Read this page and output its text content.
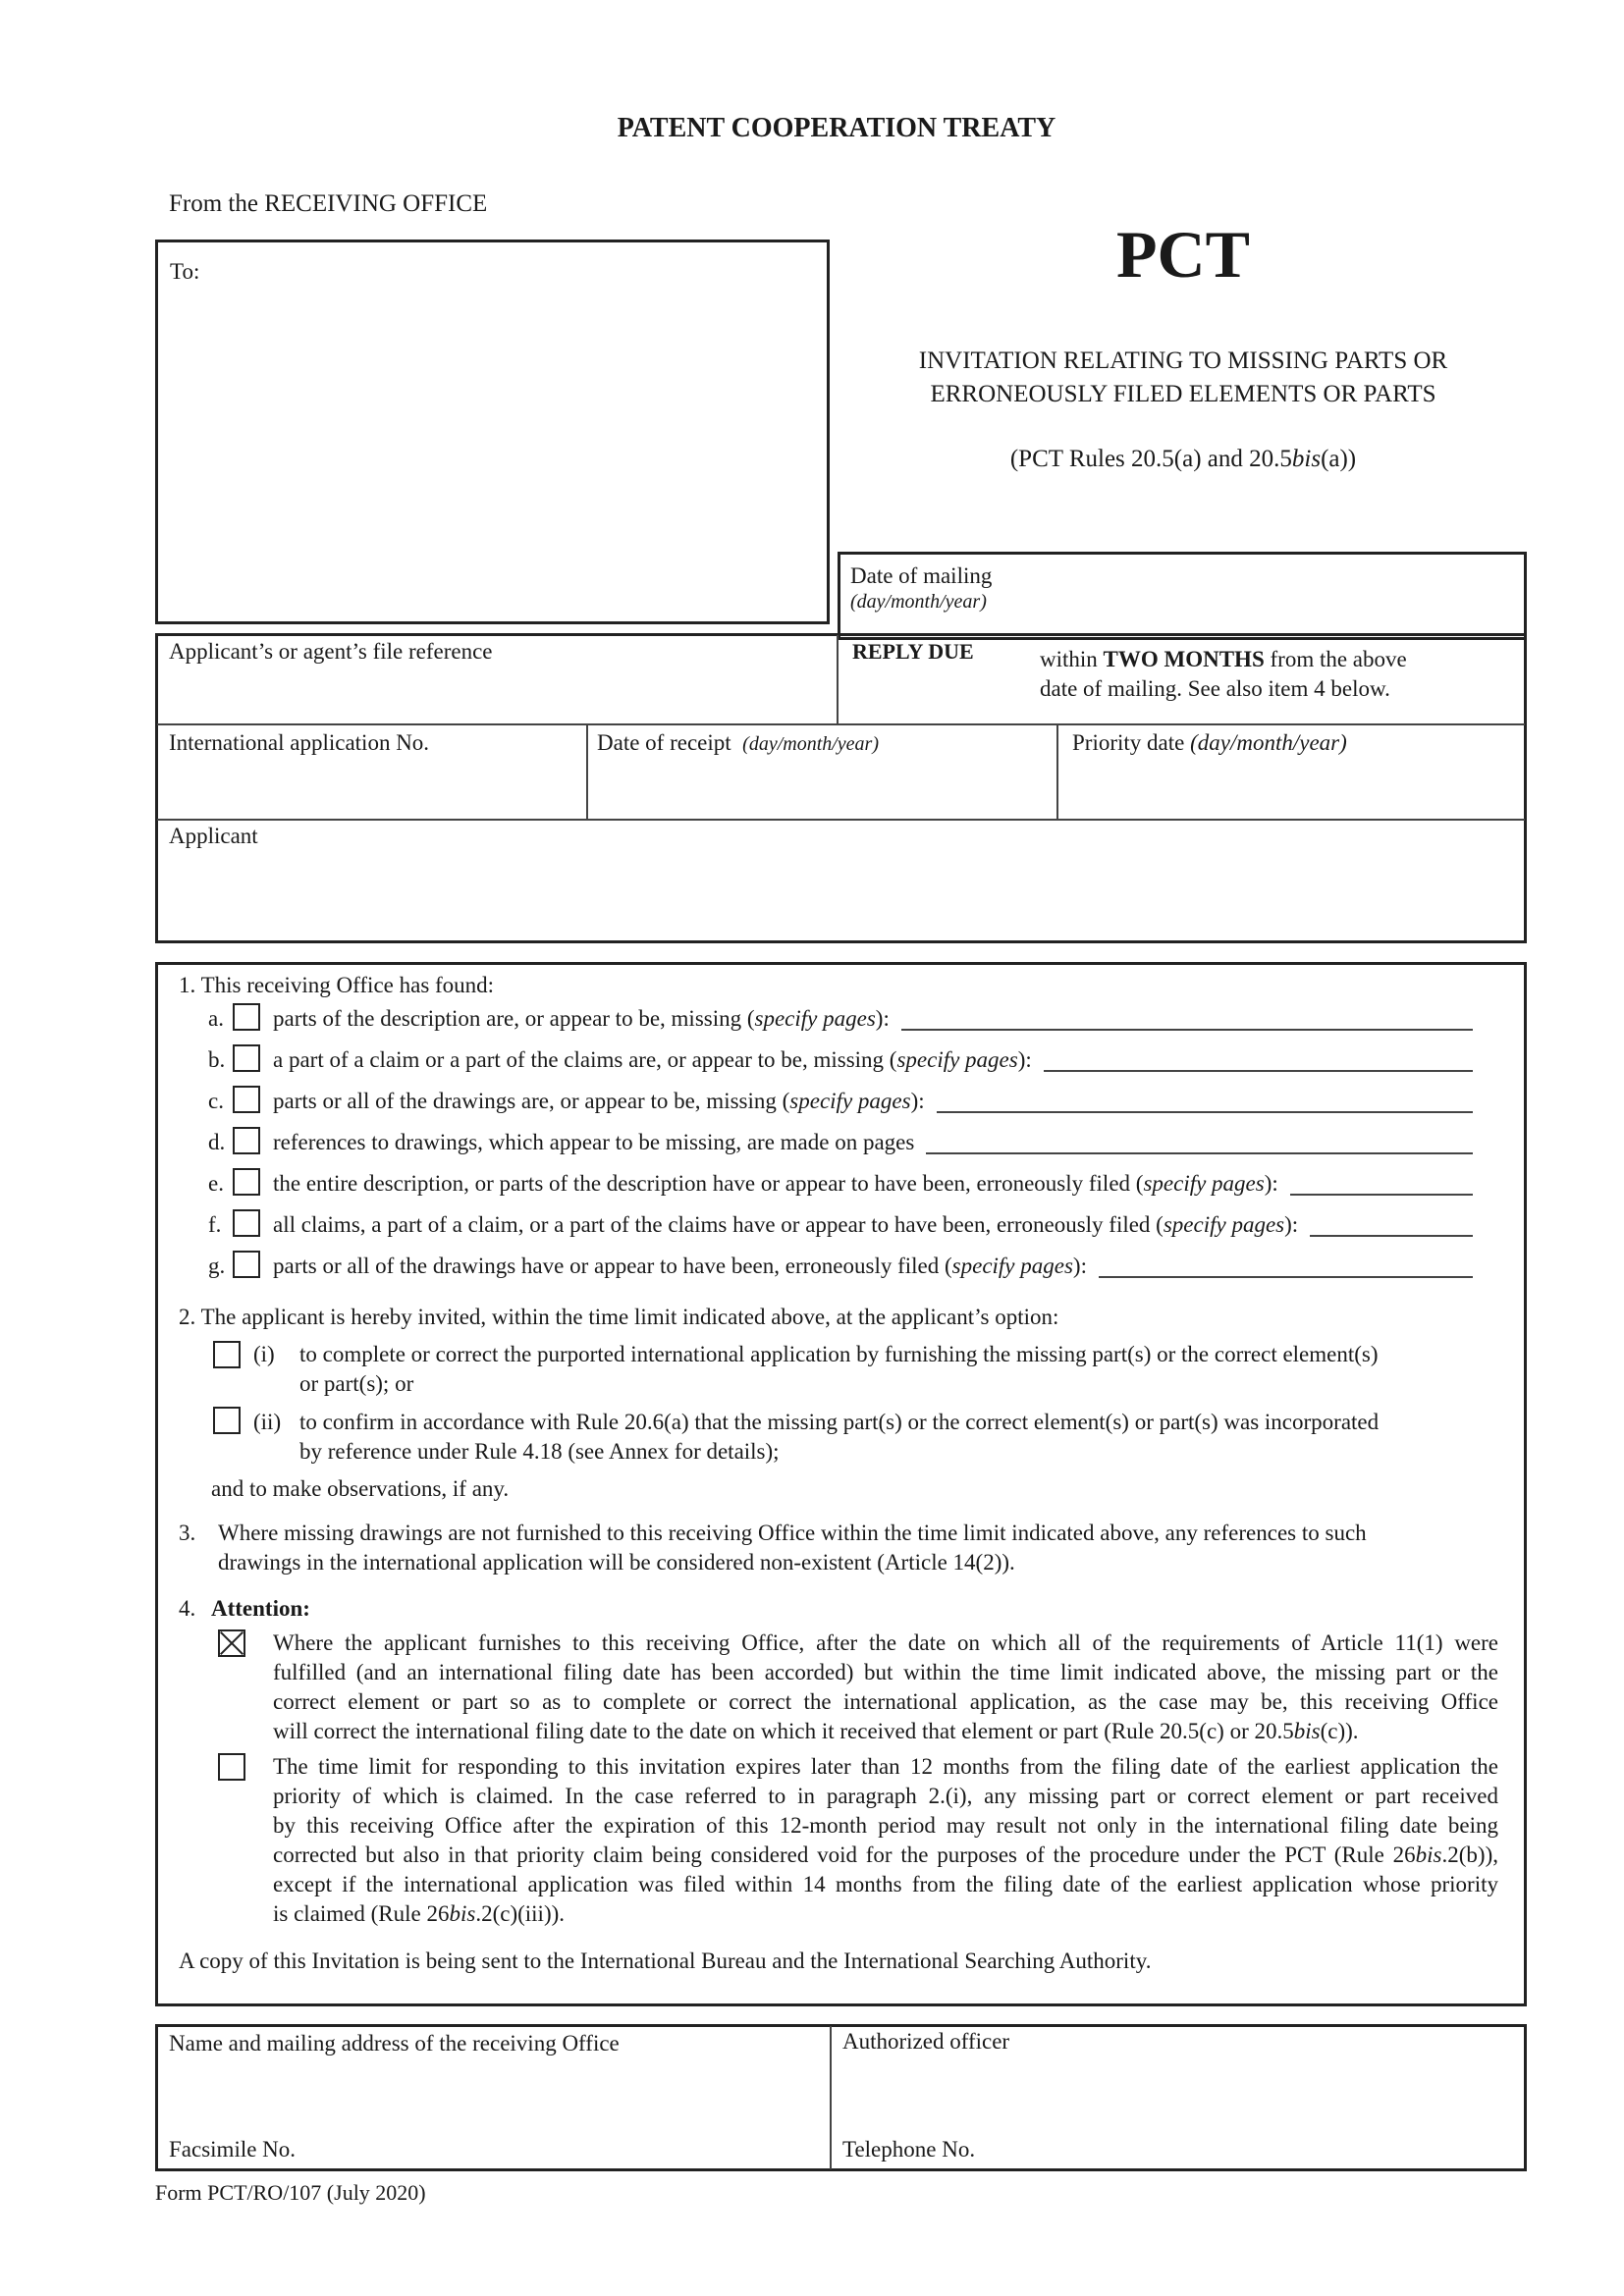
PATENT COOPERATION TREATY
From the RECEIVING OFFICE
To:	PCT
INVITATION RELATING TO MISSING PARTS OR
ERRONEOUSLY FILED ELEMENTS OR PARTS
(PCT Rules 20.5(a) and 20.5bis(a))
Date of mailing
(day/month/year)
Applicant’s or agent’s file reference	REPLY DUE	within TWO MONTHS from the above
date of mailing. See also item 4 below.
International application No.	Date of receipt (day/month/year)	Priority date (day/month/year)
Applicant
1. This receiving Office has found:
a. parts of the description are, or appear to be, missing (specify pages):
b. a part of a claim or a part of the claims are, or appear to be, missing (specify pages):
c. parts or all of the drawings are, or appear to be, missing (specify pages):
d. references to drawings, which appear to be missing, are made on pages
e. the entire description, or parts of the description have or appear to have been, erroneously filed (specify pages):
f. all claims, a part of a claim, or a part of the claims have or appear to have been, erroneously filed (specify pages):
g. parts or all of the drawings have or appear to have been, erroneously filed (specify pages):
2. The applicant is hereby invited, within the time limit indicated above, at the applicant’s option:
(i) to complete or correct the purported international application by furnishing the missing part(s) or the correct element(s)
or part(s); or
(ii) to confirm in accordance with Rule 20.6(a) that the missing part(s) or the correct element(s) or part(s) was incorporated
by reference under Rule 4.18 (see Annex for details);
and to make observations, if any.
3. Where missing drawings are not furnished to this receiving Office within the time limit indicated above, any references to such
drawings in the international application will be considered non-existent (Article 14(2)).
4. Attention:
Where the applicant furnishes to this receiving Office, after the date on which all of the requirements of Article 11(1) were
fulfilled (and an international filing date has been accorded) but within the time limit indicated above, the missing part or the
correct element or part so as to complete or correct the international application, as the case may be, this receiving Office
will correct the international filing date to the date on which it received that element or part (Rule 20.5(c) or 20.5bis(c)).
The time limit for responding to this invitation expires later than 12 months from the filing date of the earliest application the
priority of which is claimed. In the case referred to in paragraph 2.(i), any missing part or correct element or part received
by this receiving Office after the expiration of this 12-month period may result not only in the international filing date being
corrected but also in that priority claim being considered void for the purposes of the procedure under the PCT (Rule 26bis.2(b)),
except if the international application was filed within 14 months from the filing date of the earliest application whose priority
is claimed (Rule 26bis.2(c)(iii)).
A copy of this Invitation is being sent to the International Bureau and the International Searching Authority.
Name and mailing address of the receiving Office	Authorized officer
Facsimile No.	Telephone No.
Form PCT/RO/107 (July 2020)
